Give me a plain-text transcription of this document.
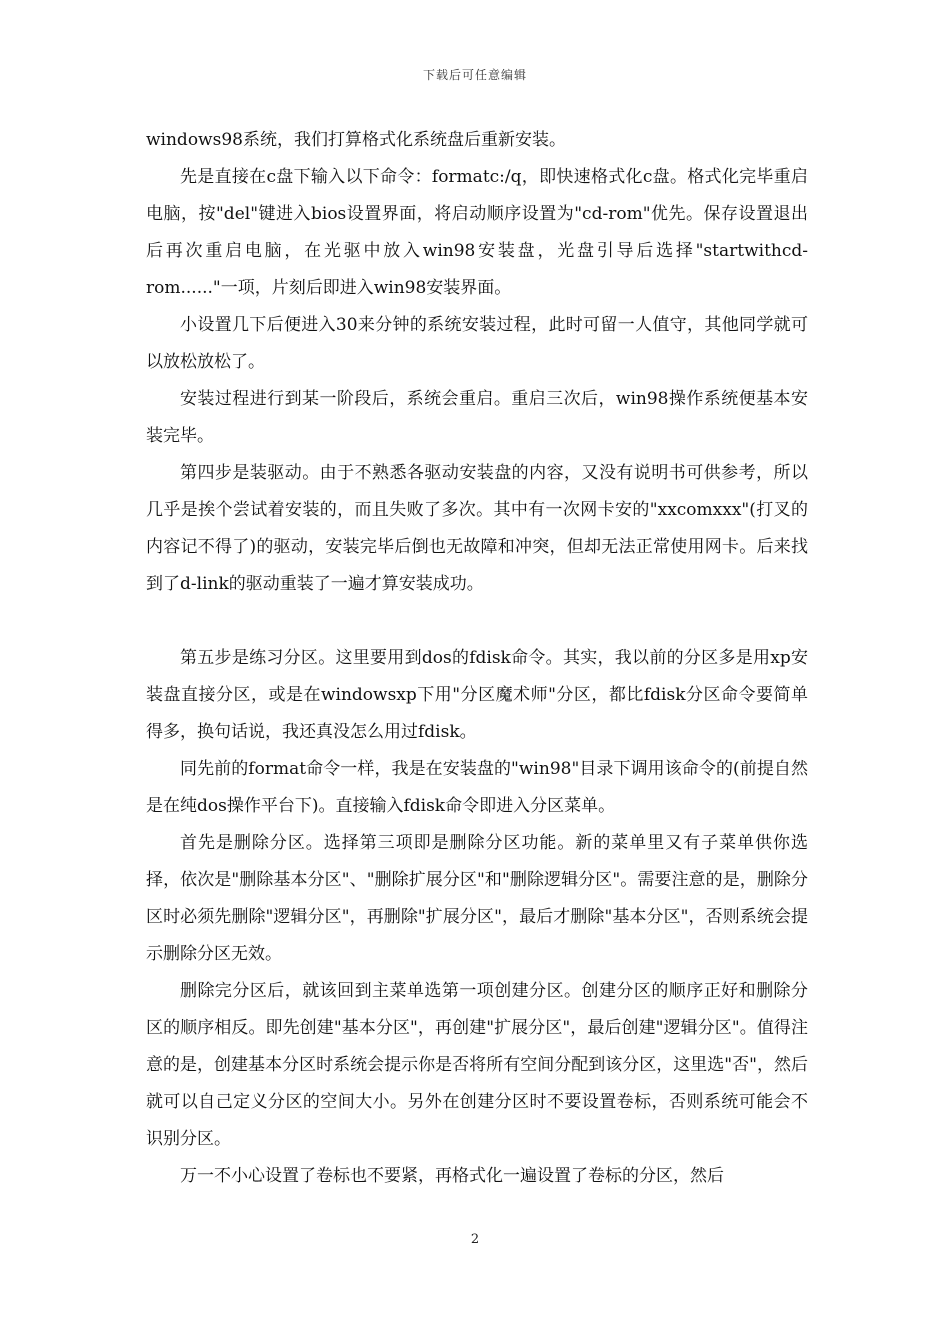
下载后可任意编辑

windows98系统，我们打算格式化系统盘后重新安装。

先是直接在c盘下输入以下命令：formatc:/q，即快速格式化c盘。格式化完毕重启电脑，按"del"键进入bios设置界面，将启动顺序设置为"cd-rom"优先。保存设置退出后再次重启电脑，在光驱中放入win98安装盘，光盘引导后选择"startwithcd-rom......"一项，片刻后即进入win98安装界面。

小设置几下后便进入30来分钟的系统安装过程，此时可留一人值守，其他同学就可以放松放松了。

安装过程进行到某一阶段后，系统会重启。重启三次后，win98操作系统便基本安装完毕。

第四步是装驱动。由于不熟悉各驱动安装盘的内容，又没有说明书可供参考，所以几乎是挨个尝试着安装的，而且失败了多次。其中有一次网卡安的"xxcomxxx"(打叉的内容记不得了)的驱动，安装完毕后倒也无故障和冲突，但却无法正常使用网卡。后来找到了d-link的驱动重装了一遍才算安装成功。

第五步是练习分区。这里要用到dos的fdisk命令。其实，我以前的分区多是用xp安装盘直接分区，或是在windowsxp下用"分区魔术师"分区，都比fdisk分区命令要简单得多，换句话说，我还真没怎么用过fdisk。

同先前的format命令一样，我是在安装盘的"win98"目录下调用该命令的(前提自然是在纯dos操作平台下)。直接输入fdisk命令即进入分区菜单。

首先是删除分区。选择第三项即是删除分区功能。新的菜单里又有子菜单供你选择，依次是"删除基本分区"、"删除扩展分区"和"删除逻辑分区"。需要注意的是，删除分区时必须先删除"逻辑分区"，再删除"扩展分区"，最后才删除"基本分区"，否则系统会提示删除分区无效。

删除完分区后，就该回到主菜单选第一项创建分区。创建分区的顺序正好和删除分区的顺序相反。即先创建"基本分区"，再创建"扩展分区"，最后创建"逻辑分区"。值得注意的是，创建基本分区时系统会提示你是否将所有空间分配到该分区，这里选"否"，然后就可以自己定义分区的空间大小。另外在创建分区时不要设置卷标，否则系统可能会不识别分区。

万一不小心设置了卷标也不要紧，再格式化一遍设置了卷标的分区，然后

2
